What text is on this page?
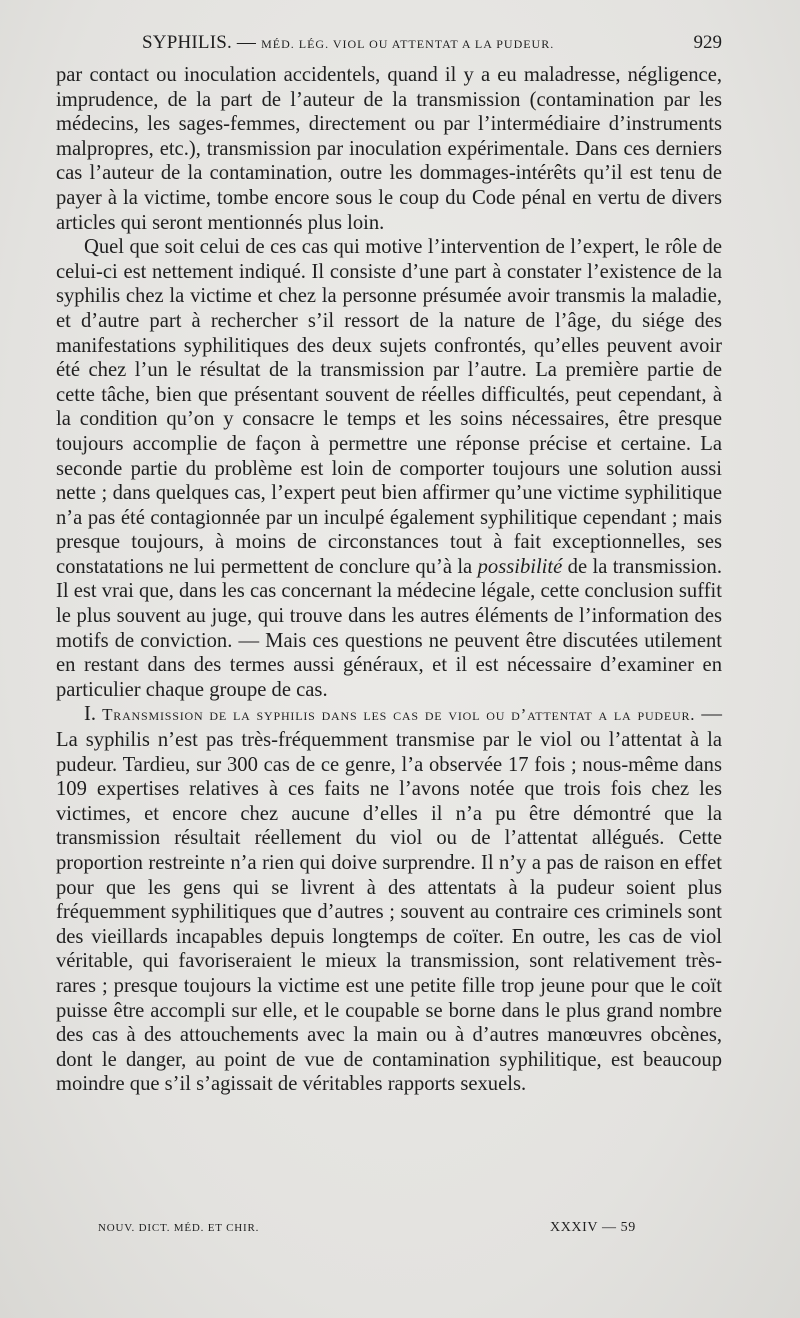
SYPHILIS. — MÉD. LÉG. VIOL OU ATTENTAT A LA PUDEUR.	929

par contact ou inoculation accidentels, quand il y a eu maladresse, négligence, imprudence, de la part de l’auteur de la transmission (contamination par les médecins, les sages-femmes, directement ou par l’intermédiaire d’instruments malpropres, etc.), transmission par inoculation expérimentale. Dans ces derniers cas l’auteur de la contamination, outre les dommages-intérêts qu’il est tenu de payer à la victime, tombe encore sous le coup du Code pénal en vertu de divers articles qui seront mentionnés plus loin.

Quel que soit celui de ces cas qui motive l’intervention de l’expert, le rôle de celui-ci est nettement indiqué. Il consiste d’une part à constater l’existence de la syphilis chez la victime et chez la personne présumée avoir transmis la maladie, et d’autre part à rechercher s’il ressort de la nature de l’âge, du siége des manifestations syphilitiques des deux sujets confrontés, qu’elles peuvent avoir été chez l’un le résultat de la transmission par l’autre. La première partie de cette tâche, bien que présentant souvent de réelles difficultés, peut cependant, à la condition qu’on y consacre le temps et les soins nécessaires, être presque toujours accomplie de façon à permettre une réponse précise et certaine. La seconde partie du problème est loin de comporter toujours une solution aussi nette ; dans quelques cas, l’expert peut bien affirmer qu’une victime syphilitique n’a pas été contagionnée par un inculpé également syphilitique cependant ; mais presque toujours, à moins de circonstances tout à fait exceptionnelles, ses constatations ne lui permettent de conclure qu’à la possibilité de la transmission. Il est vrai que, dans les cas concernant la médecine légale, cette conclusion suffit le plus souvent au juge, qui trouve dans les autres éléments de l’information des motifs de conviction. — Mais ces questions ne peuvent être discutées utilement en restant dans des termes aussi généraux, et il est nécessaire d’examiner en particulier chaque groupe de cas.

I. Transmission de la syphilis dans les cas de viol ou d’attentat a la pudeur. — La syphilis n’est pas très-fréquemment transmise par le viol ou l’attentat à la pudeur. Tardieu, sur 300 cas de ce genre, l’a observée 17 fois ; nous-même dans 109 expertises relatives à ces faits ne l’avons notée que trois fois chez les victimes, et encore chez aucune d’elles il n’a pu être démontré que la transmission résultait réellement du viol ou de l’attentat allégués. Cette proportion restreinte n’a rien qui doive surprendre. Il n’y a pas de raison en effet pour que les gens qui se livrent à des attentats à la pudeur soient plus fréquemment syphilitiques que d’autres ; souvent au contraire ces criminels sont des vieillards incapables depuis longtemps de coïter. En outre, les cas de viol véritable, qui favoriseraient le mieux la transmission, sont relativement très-rares ; presque toujours la victime est une petite fille trop jeune pour que le coït puisse être accompli sur elle, et le coupable se borne dans le plus grand nombre des cas à des attouchements avec la main ou à d’autres manœuvres obcènes, dont le danger, au point de vue de contamination syphilitique, est beaucoup moindre que s’il s’agissait de véritables rapports sexuels.

NOUV. DICT. MÉD. ET CHIR.	XXXIV — 59
